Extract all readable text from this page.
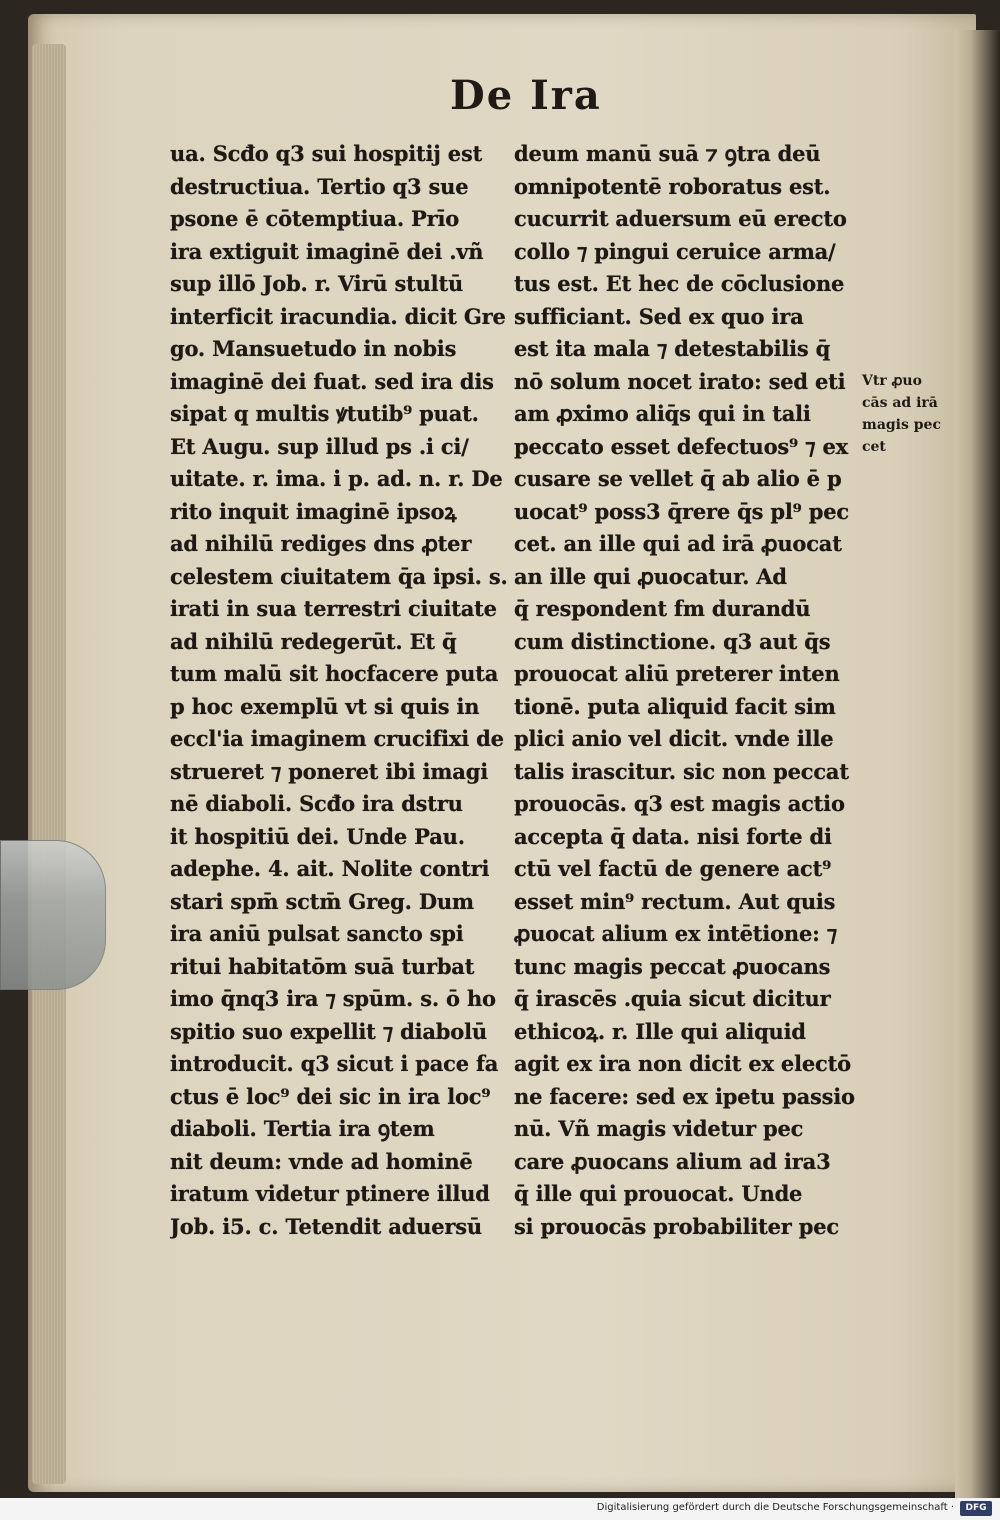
De Ira
ua. Scđo q3 sui hospitij est
destructiua. Tertio q3 sue
psone ē cōtemptiua. Prīo
ira extiguit imaginē dei .vñ
sup illō Job. r. Virū stultū
interficit iracundia. dicit Gre
go. Mansuetudo in nobis
imaginē dei fuat. sed ira dis
sipat q multis ꝟtutib⁹ puat.
Et Augu. sup illud ps .i ci/
uitate. r. ima. i p. ad. n. r. De
rito inquit imaginē ipsoꝝ
ad nihilū rediges dns ꝓter
celestem ciuitatem q̄a ipsi. s.
irati in sua terrestri ciuitate
ad nihilū redegerūt. Et q̄
tum malū sit hocfacere puta
p hoc exemplū vt si quis in
eccl'ia imaginem crucifixi de
strueret ⁊ poneret ibi imagi
nē diaboli. Scđo ira dstru
it hospitiū dei. Unde Pau.
adephe. 4. ait. Nolite contri
stari spm̄ sctm̄ Greg. Dum
ira aniū pulsat sancto spi
ritui habitatōm suā turbat
imo q̄nq3 ira ⁊ spūm. s. ō ho
spitio suo expellit ⁊ diabolū
introducit. q3 sicut i pace fa
ctus ē loc⁹ dei sic in ira loc⁹
diaboli. Tertia ira ꝯtem
nit deum: vnde ad hominē
iratum videtur ptinere illud
Job. i5. c. Tetendit aduersū
deum manū suā ⁊ ꝯtra deū
omnipotentē roboratus est.
cucurrit aduersum eū erecto
collo ⁊ pingui ceruice arma/
tus est. Et hec de cōclusione
sufficiant. Sed ex quo ira
est ita mala ⁊ detestabilis q̄
nō solum nocet irato: sed eti
am ꝓximo aliq̄s qui in tali
peccato esset defectuos⁹ ⁊ ex
cusare se vellet q̄ ab alio ē p
uocat⁹ poss3 q̄rere q̄s pl⁹ pec
cet. an ille qui ad irā ꝓuocat
an ille qui ꝓuocatur. Ad
q̄ respondent fm durandū
cum distinctione. q3 aut q̄s
prouocat aliū preterer inten
tionē. puta aliquid facit sim
plici anio vel dicit. vnde ille
talis irascitur. sic non peccat
prouocās. q3 est magis actio
accepta q̄ data. nisi forte di
ctū vel factū de genere act⁹
esset min⁹ rectum. Aut quis
ꝓuocat alium ex intētione: ⁊
tunc magis peccat ꝓuocans
q̄ irascēs .quia sicut dicitur
ethicoꝝ. r. Ille qui aliquid
agit ex ira non dicit ex electō
ne facere: sed ex ipetu passio
nū. Vñ magis videtur pec
care ꝓuocans alium ad ira3
q̄ ille qui prouocat. Unde
si prouocās probabiliter pec
Vtr ꝓuo
cās ad irā
magis pec
cet
Digitalisierung gefördert durch die Deutsche Forschungsgemeinschaft ·	DFG
